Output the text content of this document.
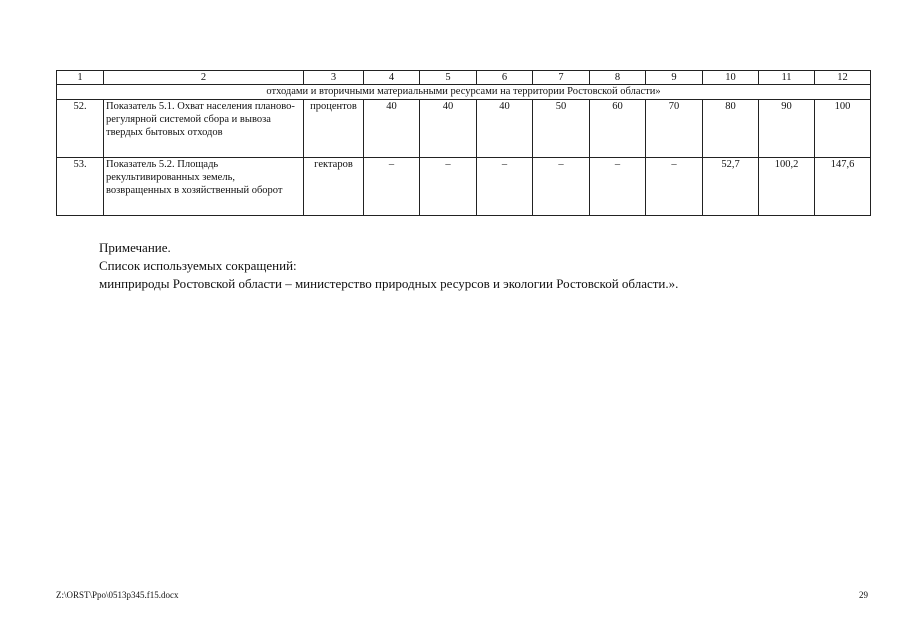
1	2	3	4	5	6	7	8	9	10	11	12
отходами и вторичными материальными ресурсами на территории Ростовской области»											
52.	Показатель 5.1. Охват населения планово-регулярной системой сбора и вывоза твердых бытовых отходов	процентов	40	40	40	50	60	70	80	90	100
53.	Показатель 5.2. Площадь рекультивированных земель, возвращенных в хозяйственный оборот	гектаров	–	–	–	–	–	–	52,7	100,2	147,6
Примечание.
Список используемых сокращений:
минприроды Ростовской области – министерство природных ресурсов и экологии Ростовской области.».
Z:\ORST\Ppo\0513p345.f15.docx	29
